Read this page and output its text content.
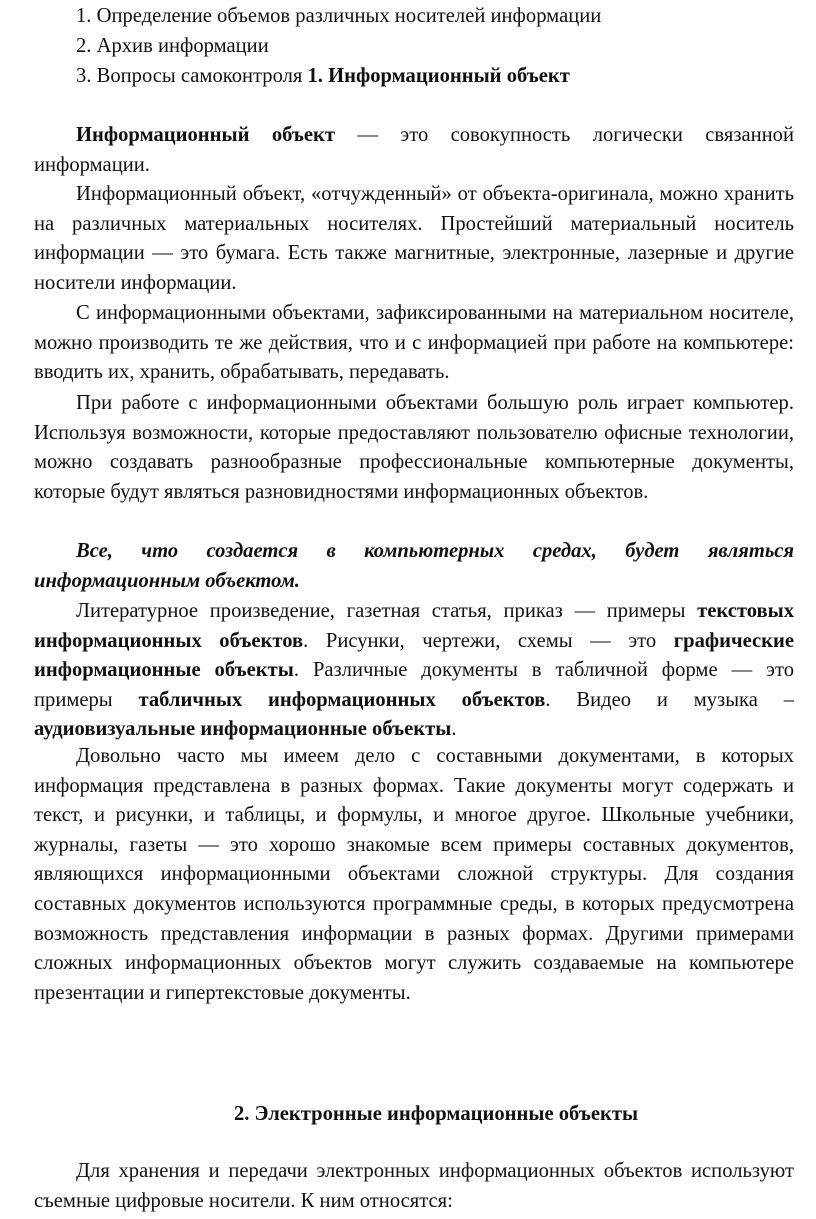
1. Определение объемов различных носителей информации
2. Архив информации
3. Вопросы самоконтроля 1. Информационный объект
Информационный объект — это совокупность логически связанной информации.
Информационный объект, «отчужденный» от объекта-оригинала, можно хранить на различных материальных носителях. Простейший материальный носитель информации — это бумага. Есть также магнитные, электронные, лазерные и другие носители информации.
С информационными объектами, зафиксированными на материальном носителе, можно производить те же действия, что и с информацией при работе на компьютере: вводить их, хранить, обрабатывать, передавать.
При работе с информационными объектами большую роль играет компьютер. Используя возможности, которые предоставляют пользователю офисные технологии, можно создавать разнообразные профессиональные компьютерные документы, которые будут являться разновидностями информационных объектов.
Все, что создается в компьютерных средах, будет являться информационным объектом.
Литературное произведение, газетная статья, приказ — примеры текстовых информационных объектов. Рисунки, чертежи, схемы — это графические информационные объекты. Различные документы в табличной форме — это примеры табличных информационных объектов. Видео и музыка – аудиовизуальные информационные объекты.
Довольно часто мы имеем дело с составными документами, в которых информация представлена в разных формах. Такие документы могут содержать и текст, и рисунки, и таблицы, и формулы, и многое другое. Школьные учебники, журналы, газеты — это хорошо знакомые всем примеры составных документов, являющихся информационными объектами сложной структуры. Для создания составных документов используются программные среды, в которых предусмотрена возможность представления информации в разных формах. Другими примерами сложных информационных объектов могут служить создаваемые на компьютере презентации и гипертекстовые документы.
2. Электронные информационные объекты
Для хранения и передачи электронных информационных объектов используют съемные цифровые носители. К ним относятся:
